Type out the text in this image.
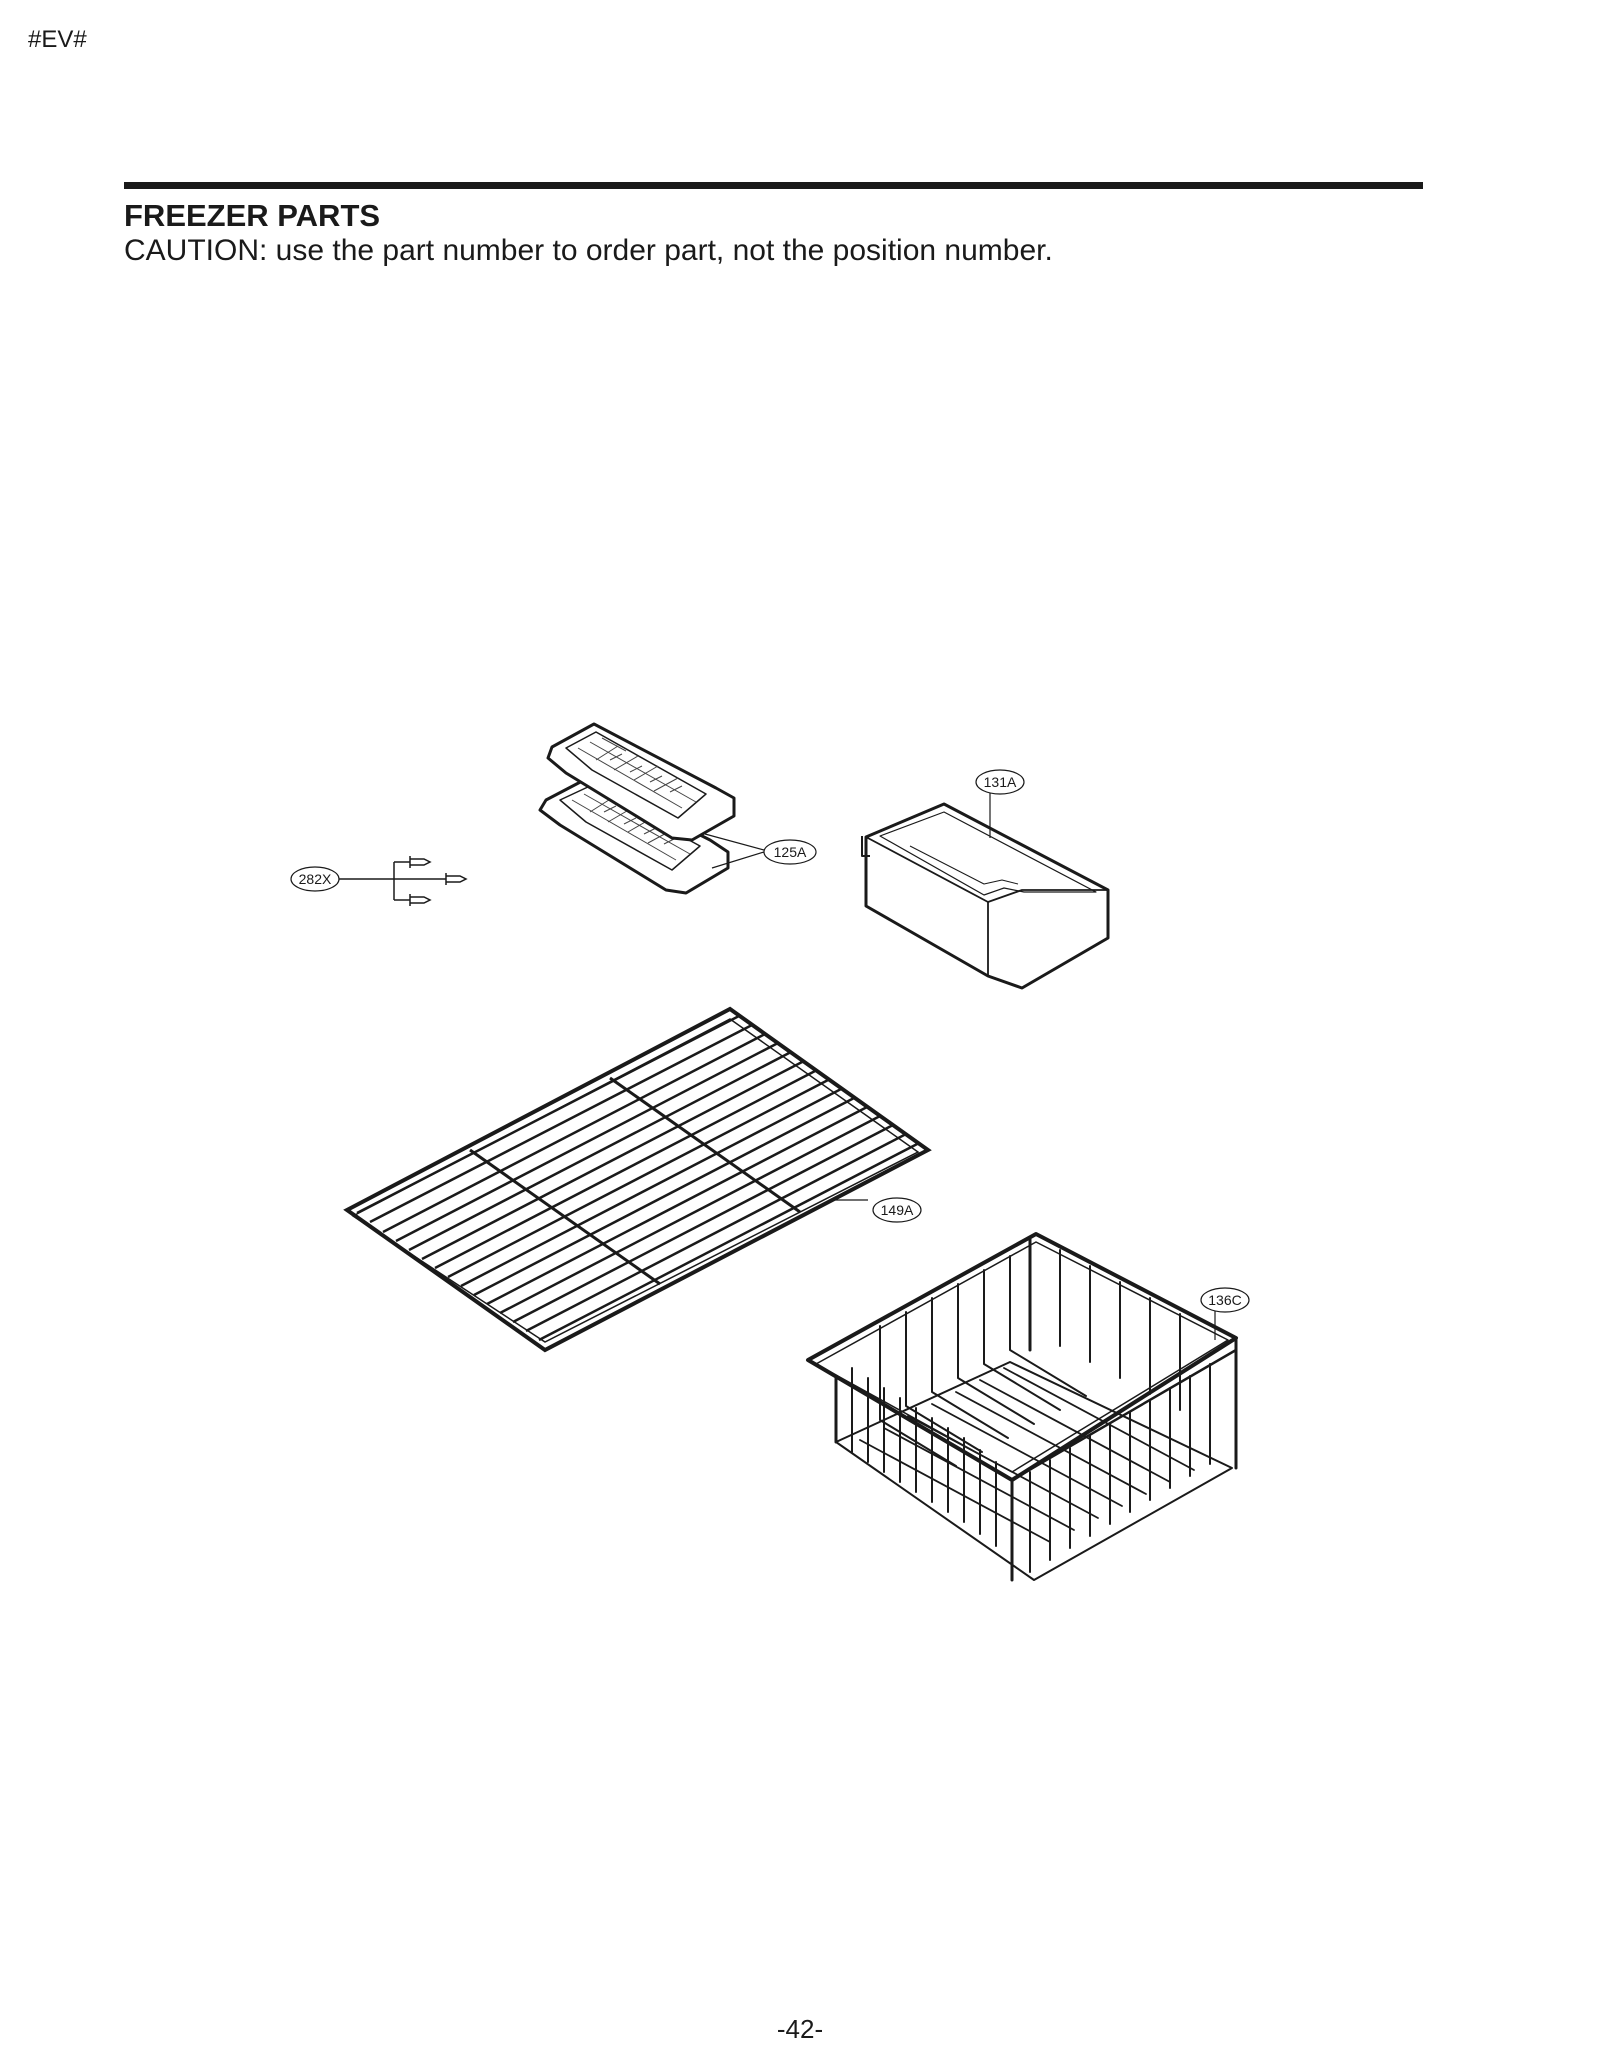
#EV#
FREEZER PARTS
CAUTION: use the part number to order part, not the position number.
282X
125A
131A
149A
136C
-42-
